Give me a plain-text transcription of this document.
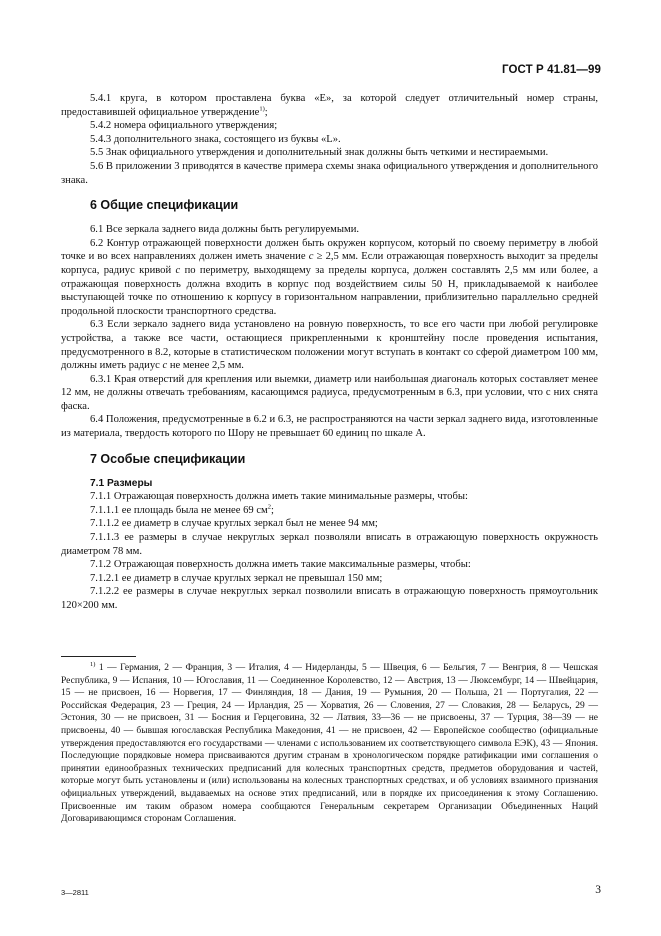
ГОСТ Р 41.81—99

5.4.1 круга, в котором проставлена буква «Е», за которой следует отличительный номер страны, предоставившей официальное утверждение$^{1)}$;

5.4.2 номера официального утверждения;

5.4.3 дополнительного знака, состоящего из буквы «L».

5.5 Знак официального утверждения и дополнительный знак должны быть четкими и нестираемыми.

5.6 В приложении 3 приводятся в качестве примера схемы знака официального утверждения и дополнительного знака.

6 Общие спецификации

6.1 Все зеркала заднего вида должны быть регулируемыми.

6.2 Контур отражающей поверхности должен быть окружен корпусом, который по своему периметру в любой точке и во всех направлениях должен иметь значение с ≥ 2,5 мм. Если отражающая поверхность выходит за пределы корпуса, радиус кривой с по периметру, выходящему за пределы корпуса, должен составлять 2,5 мм или более, а отражающая поверхность должна входить в корпус под воздействием силы 50 Н, прикладываемой к наиболее выступающей точке по отношению к корпусу в горизонтальном направлении, приблизительно параллельно средней продольной плоскости транспортного средства.

6.3 Если зеркало заднего вида установлено на ровную поверхность, то все его части при любой регулировке устройства, а также все части, остающиеся прикрепленными к кронштейну после проведения испытания, предусмотренного в 8.2, которые в статистическом положении могут вступать в контакт со сферой диаметром 100 мм, должны иметь радиус с не менее 2,5 мм.

6.3.1 Края отверстий для крепления или выемки, диаметр или наибольшая диагональ которых составляет менее 12 мм, не должны отвечать требованиям, касающимся радиуса, предусмотренным в 6.3, при условии, что с них снята фаска.

6.4 Положения, предусмотренные в 6.2 и 6.3, не распространяются на части зеркал заднего вида, изготовленные из материала, твердость которого по Шору не превышает 60 единиц по шкале А.

7 Особые спецификации
7.1 Размеры

7.1.1 Отражающая поверхность должна иметь такие минимальные размеры, чтобы:

7.1.1.1 ее площадь была не менее 69 $см^2$;

7.1.1.2 ее диаметр в случае круглых зеркал был не менее 94 мм;

7.1.1.3 ее размеры в случае некруглых зеркал позволяли вписать в отражающую поверхность окружность диаметром 78 мм.

7.1.2 Отражающая поверхность должна иметь такие максимальные размеры, чтобы:

7.1.2.1 ее диаметр в случае круглых зеркал не превышал 150 мм;

7.1.2.2 ее размеры в случае некруглых зеркал позволили вписать в отражающую поверхность прямоугольник 120×200 мм.

$^{1)}$ 1 — Германия, 2 — Франция, 3 — Италия, 4 — Нидерланды, 5 — Швеция, 6 — Бельгия, 7 — Венгрия, 8 — Чешская Республика, 9 — Испания, 10 — Югославия, 11 — Соединенное Королевство, 12 — Австрия, 13 — Люксембург, 14 — Швейцария, 15 — не присвоен, 16 — Норвегия, 17 — Финляндия, 18 — Дания, 19 — Румыния, 20 — Польша, 21 — Португалия, 22 — Российская Федерация, 23 — Греция, 24 — Ирландия, 25 — Хорватия, 26 — Словения, 27 — Словакия, 28 — Беларусь, 29 — Эстония, 30 — не присвоен, 31 — Босния и Герцеговина, 32 — Латвия, 33—36 — не присвоены, 37 — Турция, 38—39 — не присвоены, 40 — бывшая югославская Республика Македония, 41 — не присвоен, 42 — Европейское сообщество (официальные утверждения предоставляются его государствами — членами с использованием их соответствующего символа ЕЭК), 43 — Япония. Последующие порядковые номера присваиваются другим странам в хронологическом порядке ратификации ими соглашения о принятии единообразных технических предписаний для колесных транспортных средств, предметов оборудования и частей, которые могут быть установлены и (или) использованы на колесных транспортных средствах, и об условиях взаимного признания официальных утверждений, выдаваемых на основе этих предписаний, или в порядке их присоединения к этому Соглашению. Присвоенные им таким образом номера сообщаются Генеральным секретарем Организации Объединенных Наций Договаривающимся сторонам Соглашения.

3—2811	3
